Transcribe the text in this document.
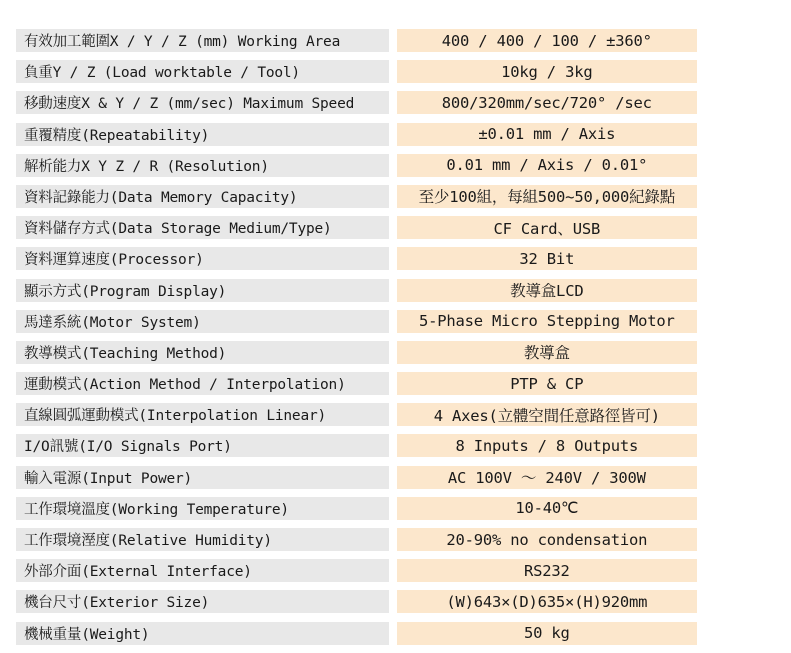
有效加工範圍X / Y / Z (mm) Working Area	400 / 400 / 100 / ±360°
負重Y / Z (Load worktable / Tool)	10kg / 3kg
移動速度X & Y / Z (mm/sec) Maximum Speed	800/320mm/sec/720° /sec
重覆精度(Repeatability)	±0.01 mm / Axis
解析能力X Y Z / R (Resolution)	0.01 mm / Axis / 0.01°
資料記錄能力(Data Memory Capacity)	至少100組，每組500~50,000紀錄點
資料儲存方式(Data Storage Medium/Type)	CF Card、USB
資料運算速度(Processor)	32 Bit
顯示方式(Program Display)	教導盒LCD
馬達系統(Motor System)	5-Phase Micro Stepping Motor
教導模式(Teaching Method)	教導盒
運動模式(Action Method / Interpolation)	PTP & CP
直線圓弧運動模式(Interpolation Linear)	4 Axes(立體空間任意路徑皆可)
I/O訊號(I/O Signals Port)	8 Inputs / 8 Outputs
輸入電源(Input Power)	AC 100V ～ 240V / 300W
工作環境溫度(Working Temperature)	10-40℃
工作環境溼度(Relative Humidity)	20-90% no condensation
外部介面(External Interface)	RS232
機台尺寸(Exterior Size)	(W)643×(D)635×(H)920mm
機械重量(Weight)	50 kg
